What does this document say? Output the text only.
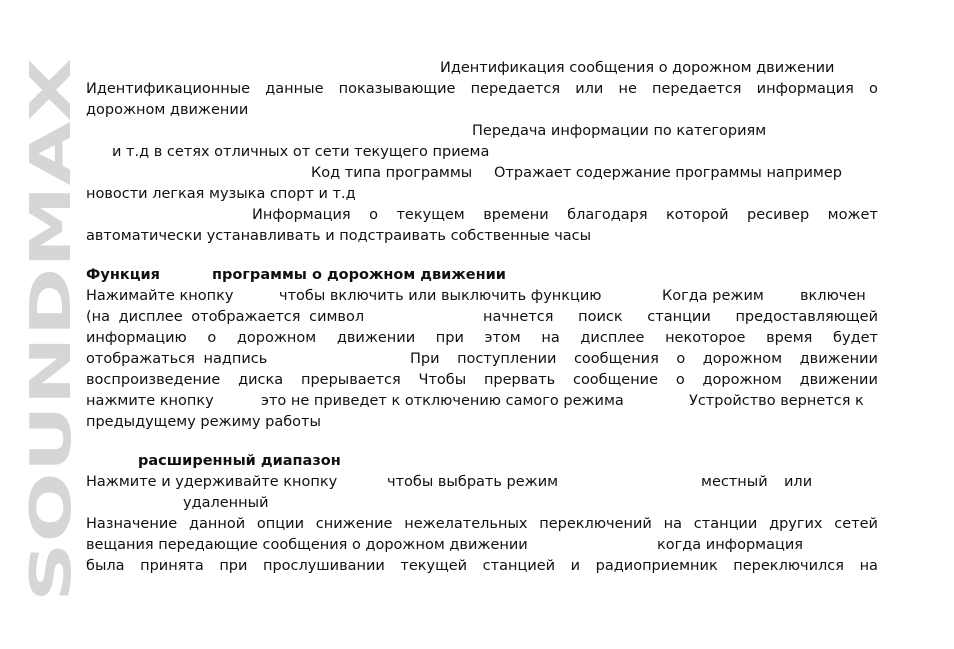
SOUNDMAX
Идентификация сообщения о дорожном движении
Идентификационные данные показывающие передается или не передается информация о
дорожном движении
Передача информации по категориям
и т.д в сетях отличных от сети текущего приема
Код типа программы Отражает содержание программы например
новости легкая музыка спорт и т.д
Информация о текущем времени благодаря которой ресивер может
автоматически устанавливать и подстраивать собственные часы
Функция	программы о дорожном движении
Нажимайте кнопку	чтобы включить или выключить функцию	Когда режим включен
(на дисплее отображается символ	начнется поиск станции предоставляющей
информацию о дорожном движении при этом на дисплее некоторое время будет
отображаться надпись	При поступлении сообщения о дорожном движении
воспроизведение диска прерывается Чтобы прервать сообщение о дорожном движении
нажмите кнопку	это не приведет к отключению самого режима	Устройство вернется к
предыдущему режиму работы
расширенный диапазон
Нажмите и удерживайте кнопку	чтобы выбрать режим	местный или
удаленный
Назначение данной опции снижение нежелательных переключений на станции других сетей
вещания передающие сообщения о дорожном движении	когда информация
была принята при прослушивании текущей станцией и радиоприемник переключился на
